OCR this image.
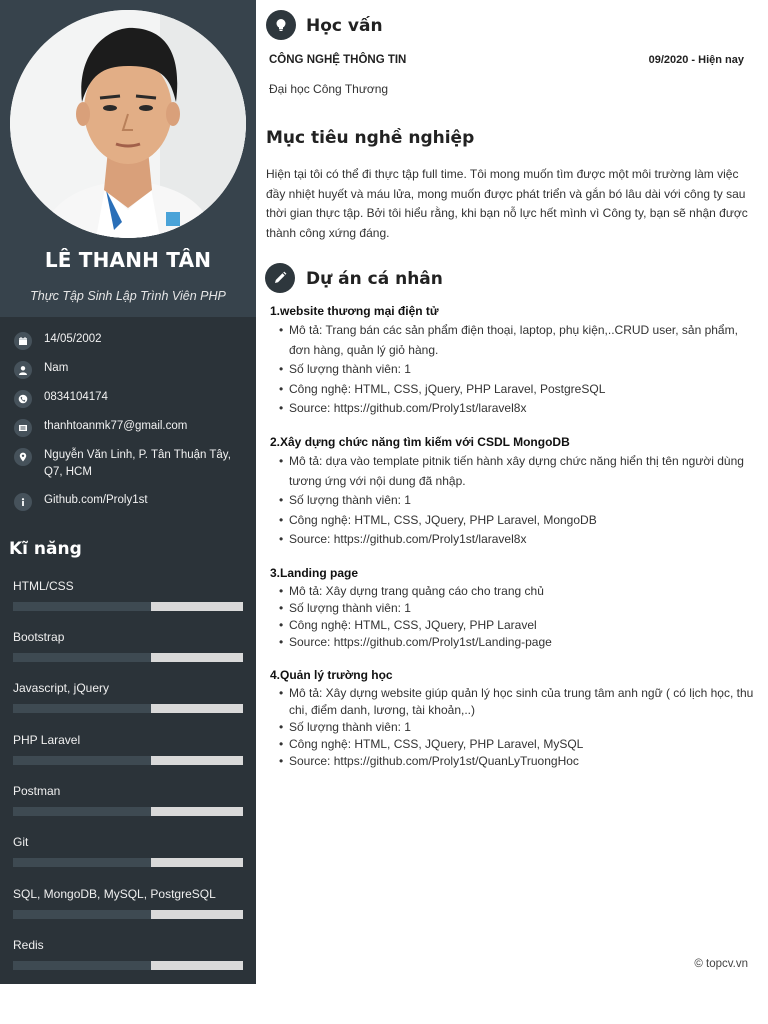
LÊ THANH TÂN
Thực Tập Sinh Lập Trình Viên PHP
14/05/2002
Nam
0834104174
thanhtoanmk77@gmail.com
Nguyễn Văn Linh, P. Tân Thuận Tây, Q7, HCM
Github.com/Proly1st
Kĩ năng
HTML/CSS
Bootstrap
Javascript, jQuery
PHP Laravel
Postman
Git
SQL, MongoDB, MySQL, PostgreSQL
Redis
Học vấn
CÔNG NGHỆ THÔNG TIN	09/2020 - Hiện nay
Đại học Công Thương
Mục tiêu nghề nghiệp
Hiện tại tôi có thể đi thực tập full time. Tôi mong muốn tìm được một môi trường làm việc đầy nhiệt huyết và máu lửa, mong muốn được phát triển và gắn bó lâu dài với công ty sau thời gian thực tập. Bởi tôi hiểu rằng, khi bạn nỗ lực hết mình vì Công ty, bạn sẽ nhận được thành công xứng đáng.
Dự án cá nhân
1.website thương mại điện tử
• Mô tả: Trang bán các sản phẩm điện thoại, laptop, phụ kiện,..CRUD user, sản phẩm, đơn hàng, quản lý giỏ hàng.
• Số lượng thành viên: 1
• Công nghệ: HTML, CSS, jQuery, PHP Laravel, PostgreSQL
• Source: https://github.com/Proly1st/laravel8x
2.Xây dựng chức năng tìm kiếm với CSDL MongoDB
• Mô tả: dựa vào template pitnik tiến hành xây dựng chức năng hiển thị tên người dùng tương ứng với nội dung đã nhập.
• Số lượng thành viên: 1
• Công nghệ: HTML, CSS, JQuery, PHP Laravel, MongoDB
• Source: https://github.com/Proly1st/laravel8x
3.Landing page
• Mô tả: Xây dựng trang quảng cáo cho trang chủ
• Số lượng thành viên: 1
• Công nghệ: HTML, CSS, JQuery, PHP Laravel
• Source: https://github.com/Proly1st/Landing-page
4.Quản lý trường học
• Mô tả: Xây dựng website giúp quản lý học sinh của trung tâm anh ngữ ( có lịch học, thu chi, điểm danh, lương, tài khoản,..)
• Số lượng thành viên: 1
• Công nghệ: HTML, CSS, JQuery, PHP Laravel, MySQL
• Source: https://github.com/Proly1st/QuanLyTruongHoc
© topcv.vn
